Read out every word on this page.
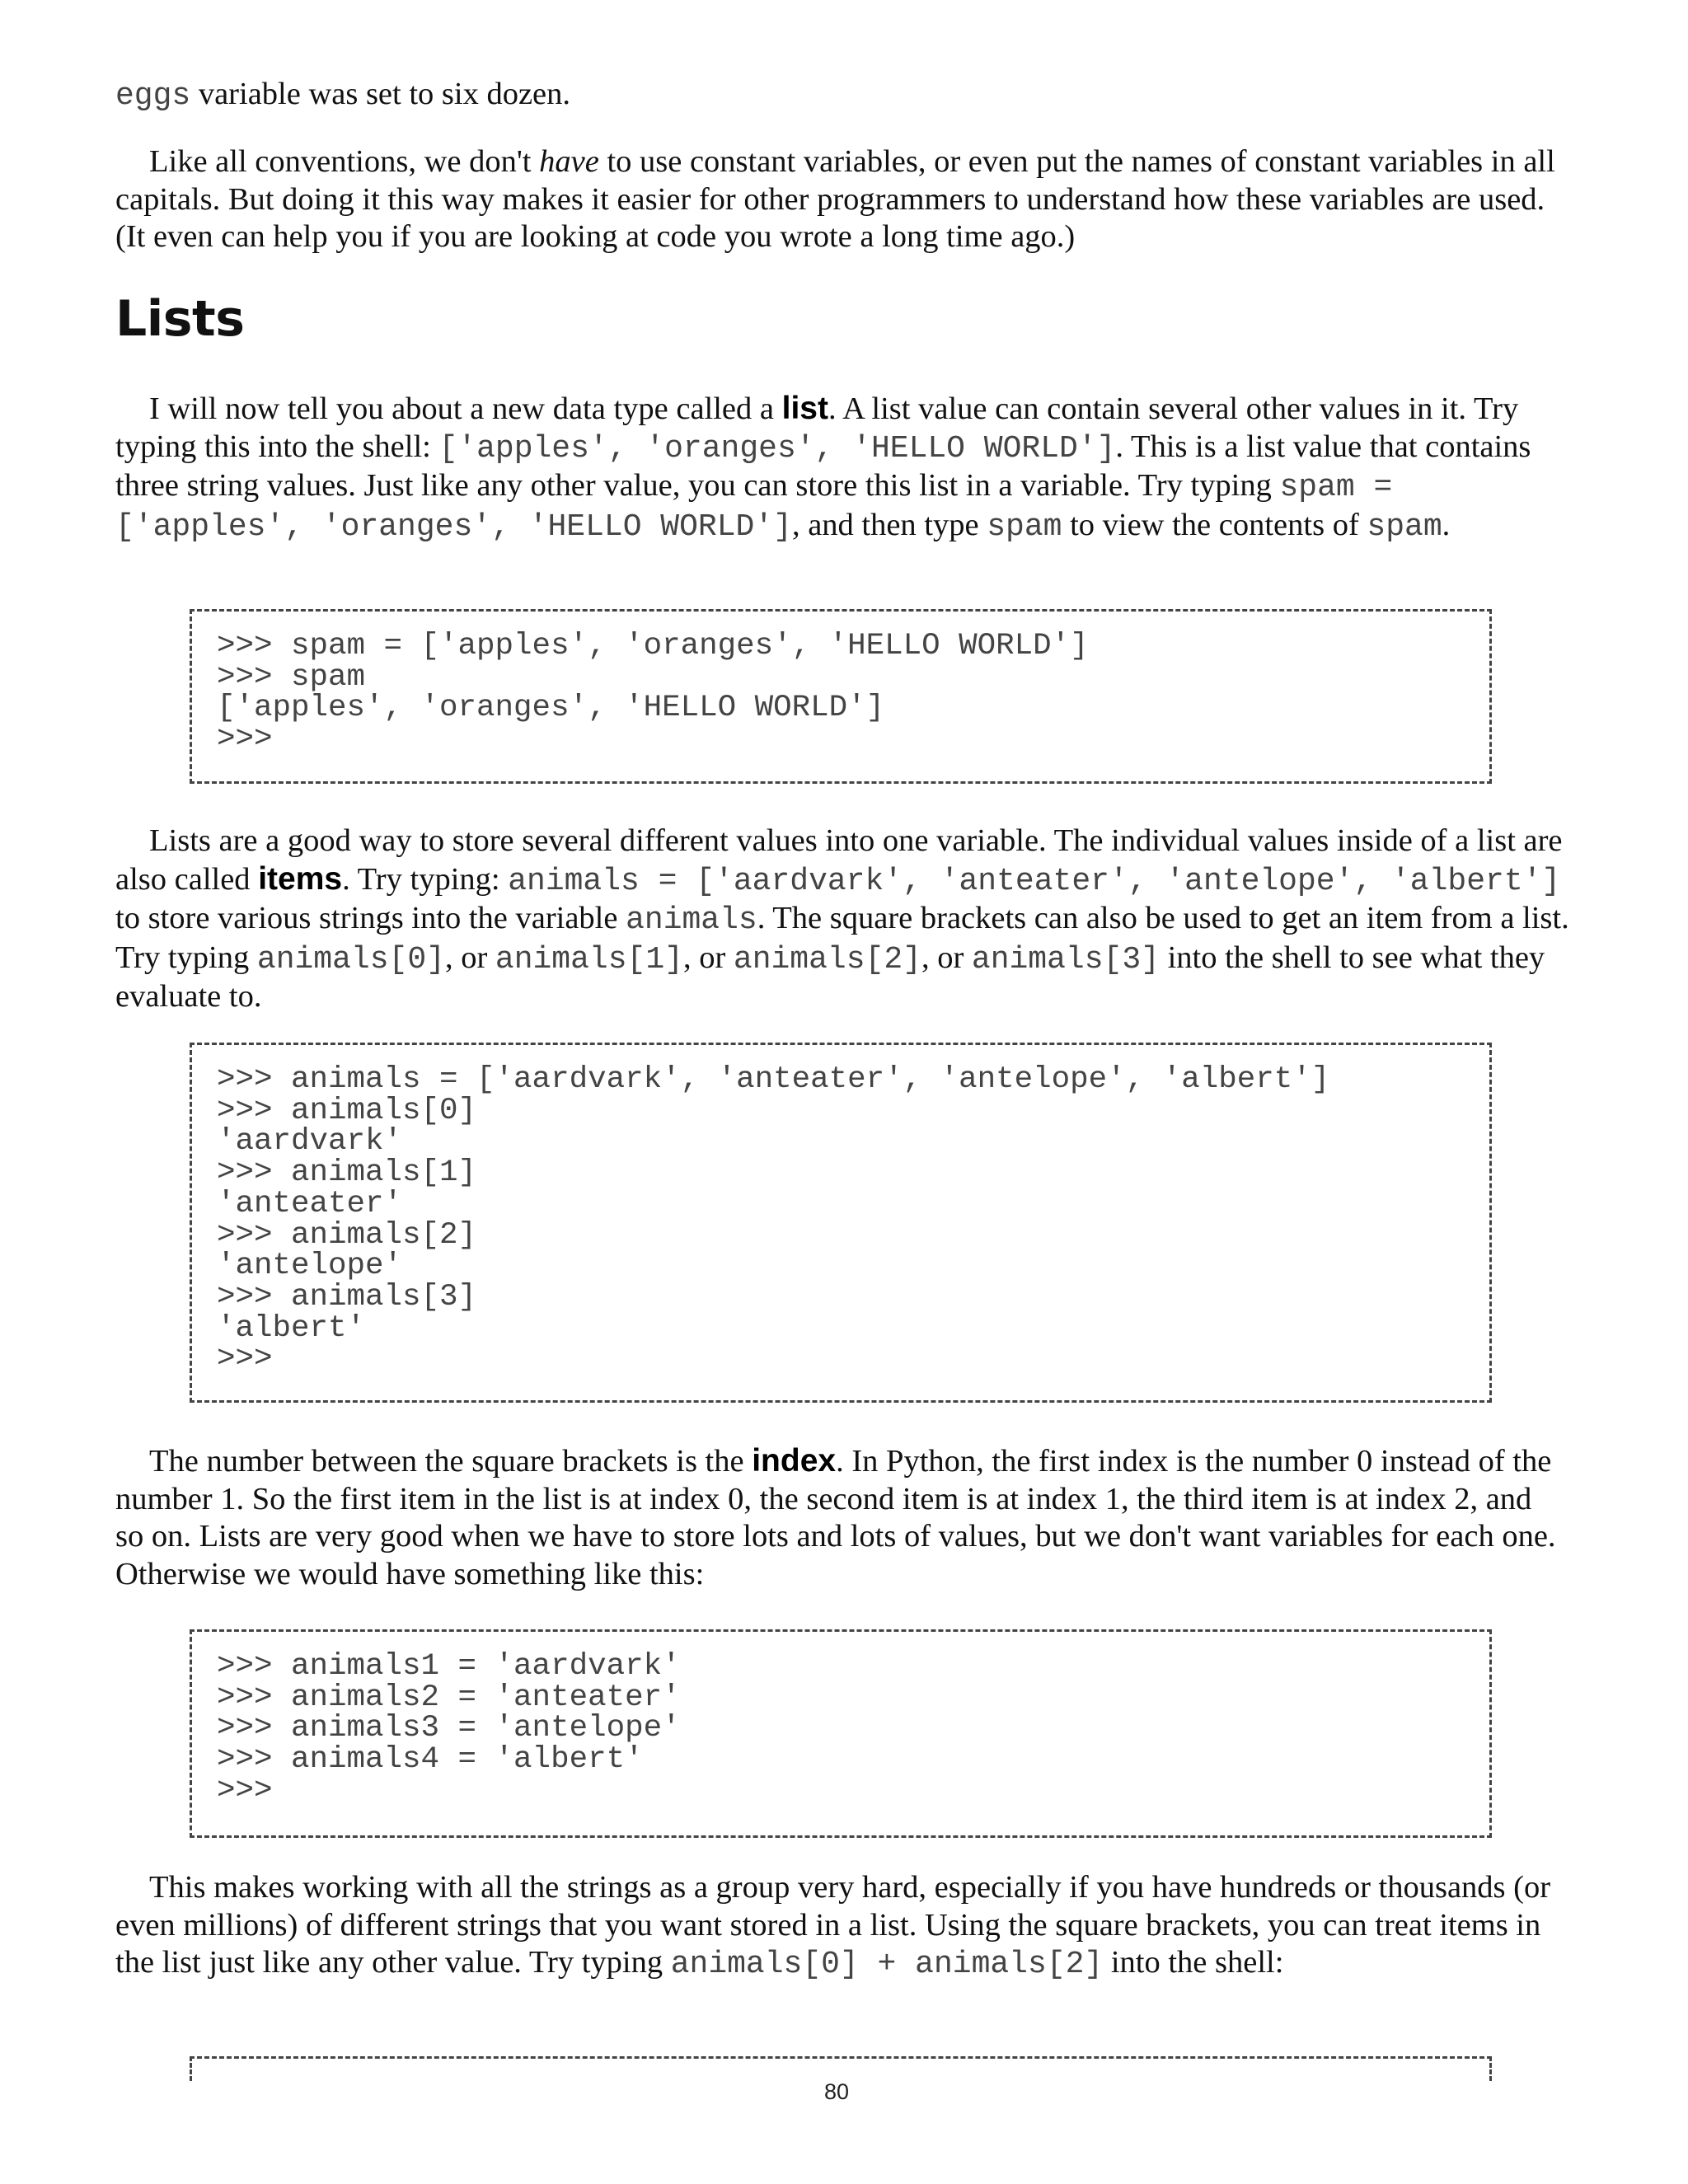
eggs variable was set to six dozen.

Like all conventions, we don't have to use constant variables, or even put the names of constant variables in all capitals. But doing it this way makes it easier for other programmers to understand how these variables are used. (It even can help you if you are looking at code you wrote a long time ago.)

Lists

I will now tell you about a new data type called a list. A list value can contain several other values in it. Try typing this into the shell: ['apples', 'oranges', 'HELLO WORLD']. This is a list value that contains three string values. Just like any other value, you can store this list in a variable. Try typing spam = ['apples', 'oranges', 'HELLO WORLD'], and then type spam to view the contents of spam.

>>> spam = ['apples', 'oranges', 'HELLO WORLD']
>>> spam
['apples', 'oranges', 'HELLO WORLD']
>>>

Lists are a good way to store several different values into one variable. The individual values inside of a list are also called items. Try typing: animals = ['aardvark', 'anteater', 'antelope', 'albert'] to store various strings into the variable animals. The square brackets can also be used to get an item from a list. Try typing animals[0], or animals[1], or animals[2], or animals[3] into the shell to see what they evaluate to.

>>> animals = ['aardvark', 'anteater', 'antelope', 'albert']
>>> animals[0]
'aardvark'
>>> animals[1]
'anteater'
>>> animals[2]
'antelope'
>>> animals[3]
'albert'
>>>

The number between the square brackets is the index. In Python, the first index is the number 0 instead of the number 1. So the first item in the list is at index 0, the second item is at index 1, the third item is at index 2, and so on. Lists are very good when we have to store lots and lots of values, but we don't want variables for each one. Otherwise we would have something like this:

>>> animals1 = 'aardvark'
>>> animals2 = 'anteater'
>>> animals3 = 'antelope'
>>> animals4 = 'albert'
>>>

This makes working with all the strings as a group very hard, especially if you have hundreds or thousands (or even millions) of different strings that you want stored in a list. Using the square brackets, you can treat items in the list just like any other value. Try typing animals[0] + animals[2] into the shell:

80
